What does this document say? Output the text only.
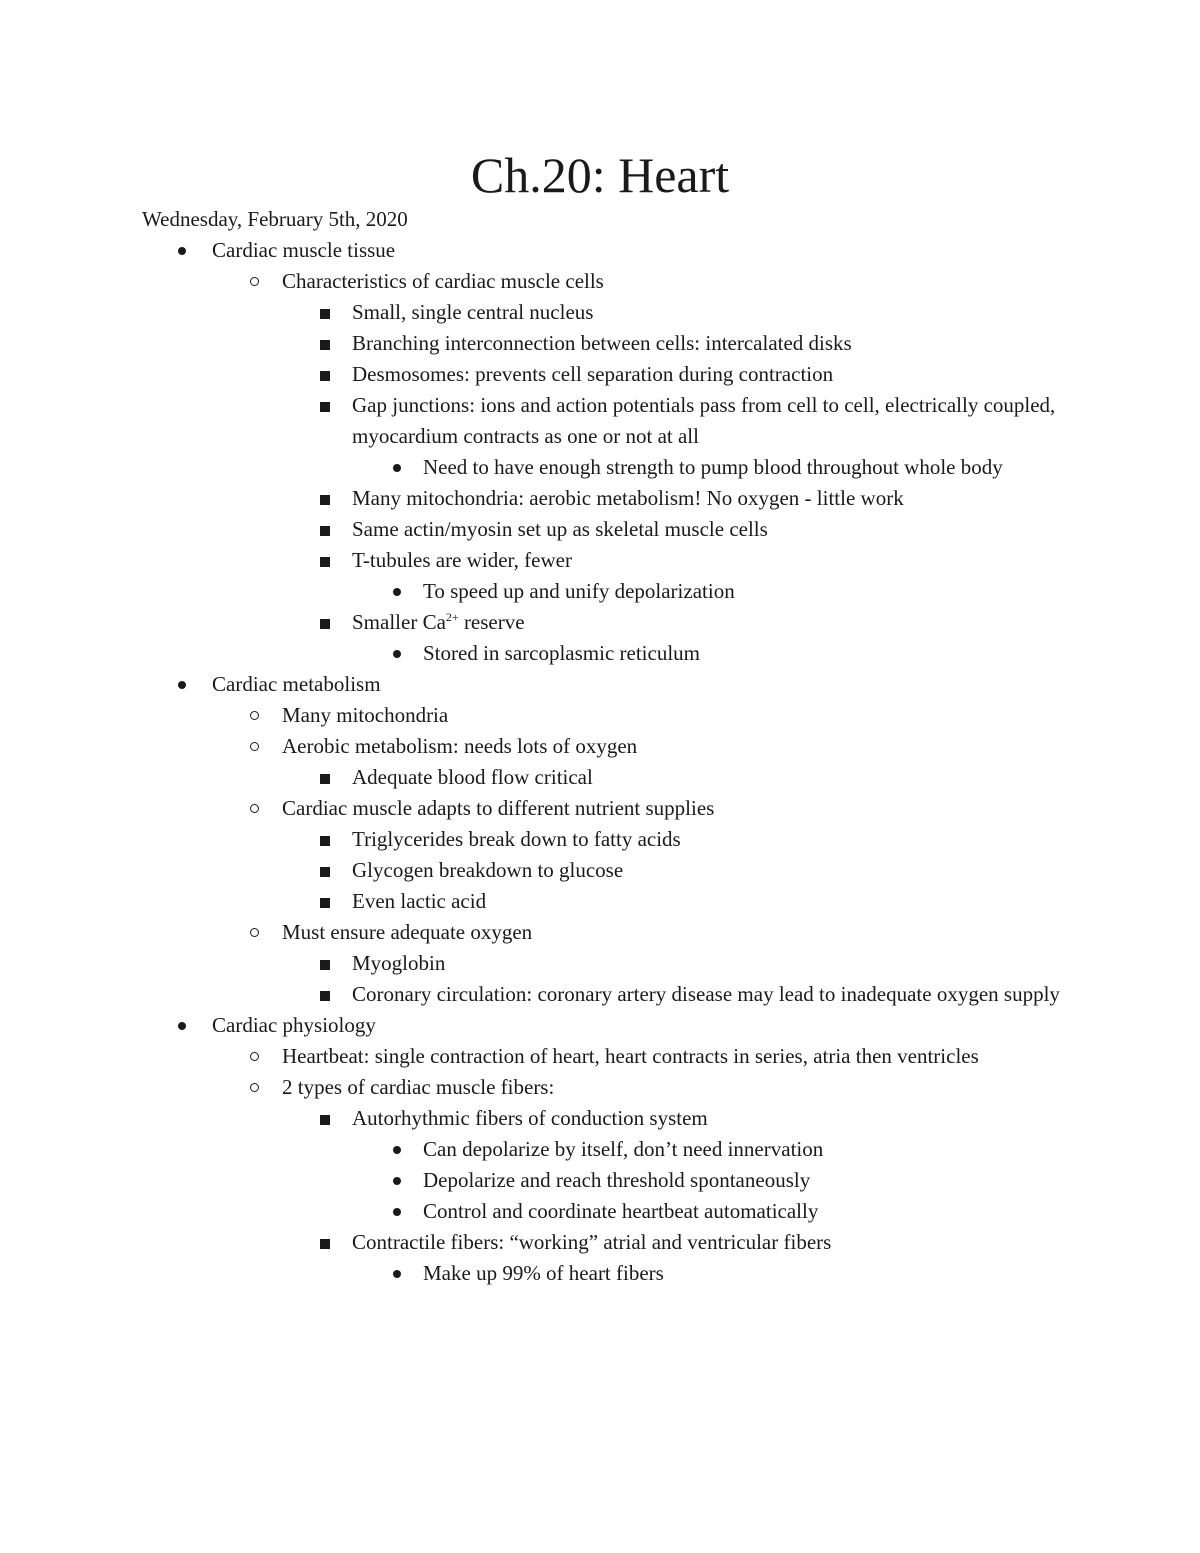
Ch.20: Heart

Wednesday, February 5th, 2020

Cardiac muscle tissue
Characteristics of cardiac muscle cells
Small, single central nucleus
Branching interconnection between cells: intercalated disks
Desmosomes: prevents cell separation during contraction
Gap junctions: ions and action potentials pass from cell to cell, electrically coupled, myocardium contracts as one or not at all
Need to have enough strength to pump blood throughout whole body
Many mitochondria: aerobic metabolism! No oxygen - little work
Same actin/myosin set up as skeletal muscle cells
T-tubules are wider, fewer
To speed up and unify depolarization
Smaller $Ca^{2+}$ reserve
Stored in sarcoplasmic reticulum
Cardiac metabolism
Many mitochondria
Aerobic metabolism: needs lots of oxygen
Adequate blood flow critical
Cardiac muscle adapts to different nutrient supplies
Triglycerides break down to fatty acids
Glycogen breakdown to glucose
Even lactic acid
Must ensure adequate oxygen
Myoglobin
Coronary circulation: coronary artery disease may lead to inadequate oxygen supply
Cardiac physiology
Heartbeat: single contraction of heart, heart contracts in series, atria then ventricles
2 types of cardiac muscle fibers:
Autorhythmic fibers of conduction system
Can depolarize by itself, don’t need innervation
Depolarize and reach threshold spontaneously
Control and coordinate heartbeat automatically
Contractile fibers: “working” atrial and ventricular fibers
Make up 99% of heart fibers
